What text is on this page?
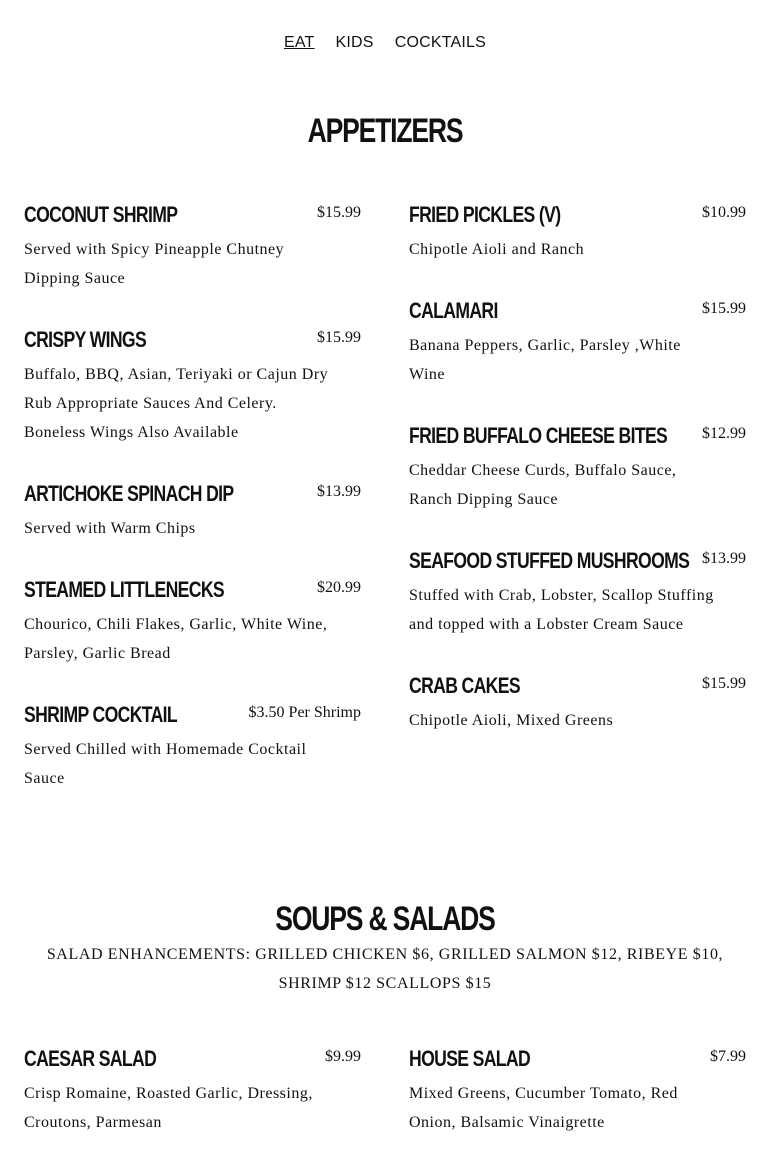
EAT KIDS COCKTAILS
APPETIZERS
COCONUT SHRIMP	$15.99
Served with Spicy Pineapple Chutney Dipping Sauce
CRISPY WINGS	$15.99
Buffalo, BBQ, Asian, Teriyaki or Cajun Dry Rub Appropriate Sauces And Celery. Boneless Wings Also Available
ARTICHOKE SPINACH DIP	$13.99
Served with Warm Chips
STEAMED LITTLENECKS	$20.99
Chourico, Chili Flakes, Garlic, White Wine, Parsley, Garlic Bread
SHRIMP COCKTAIL	$3.50 Per Shrimp
Served Chilled with Homemade Cocktail Sauce
FRIED PICKLES (V)	$10.99
Chipotle Aioli and Ranch
CALAMARI	$15.99
Banana Peppers, Garlic, Parsley ,White Wine
FRIED BUFFALO CHEESE BITES $12.99
Cheddar Cheese Curds, Buffalo Sauce, Ranch Dipping Sauce
SEAFOOD STUFFED MUSHROOMS $13.99
Stuffed with Crab, Lobster, Scallop Stuffing and topped with a Lobster Cream Sauce
CRAB CAKES	$15.99
Chipotle Aioli, Mixed Greens
SOUPS & SALADS
SALAD ENHANCEMENTS: GRILLED CHICKEN $6, GRILLED SALMON $12, RIBEYE $10, SHRIMP $12 SCALLOPS $15
CAESAR SALAD	$9.99
Crisp Romaine, Roasted Garlic, Dressing, Croutons, Parmesan
HOUSE SALAD	$7.99
Mixed Greens, Cucumber Tomato, Red Onion, Balsamic Vinaigrette
